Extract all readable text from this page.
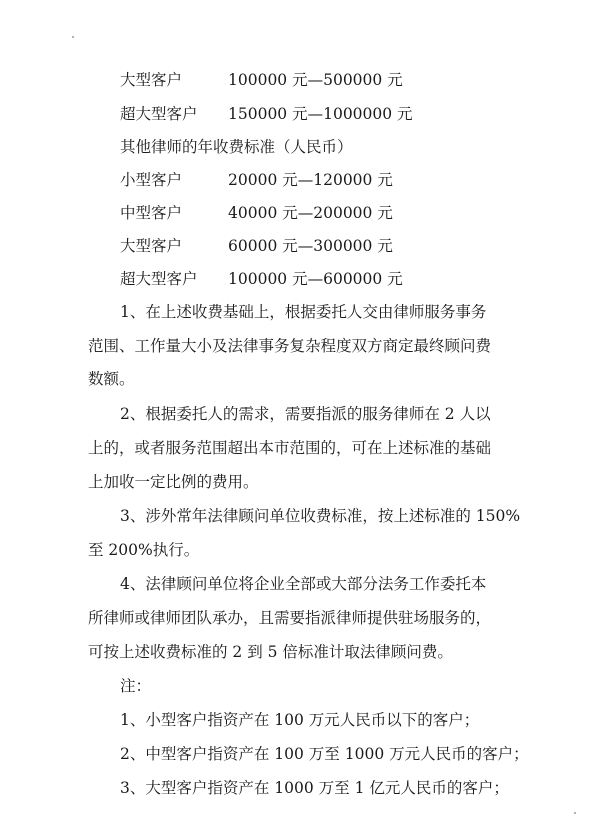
大型客户	100000 元—500000 元
超大型客户 150000 元—1000000 元
其他律师的年收费标准（人民币）
小型客户	20000 元—120000 元
中型客户	40000 元—200000 元
大型客户	60000 元—300000 元
超大型客户 100000 元—600000 元
1、在上述收费基础上，根据委托人交由律师服务事务
范围、工作量大小及法律事务复杂程度双方商定最终顾问费
数额。
2、根据委托人的需求，需要指派的服务律师在 2 人以
上的，或者服务范围超出本市范围的，可在上述标准的基础
上加收一定比例的费用。
3、涉外常年法律顾问单位收费标准，按上述标准的 150%
至 200%执行。
4、法律顾问单位将企业全部或大部分法务工作委托本
所律师或律师团队承办，且需要指派律师提供驻场服务的，
可按上述收费标准的 2 到 5 倍标准计取法律顾问费。
注：
1、小型客户指资产在 100 万元人民币以下的客户；
2、中型客户指资产在 100 万至 1000 万元人民币的客户；
3、大型客户指资产在 1000 万至 1 亿元人民币的客户；
